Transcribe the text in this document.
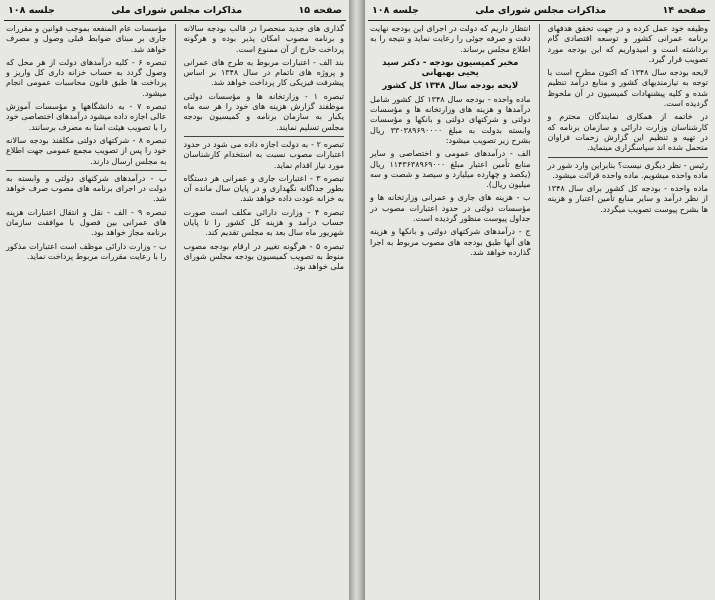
صفحه ۱۵
مذاکرات مجلس شورای ملی
جلسه ۱۰۸

گذاری های جدید منحصراً در قالب بودجه سالانه و برنامه مصوب امکان پذیر بوده و هرگونه پرداخت خارج از آن ممنوع است.

بند الف - اعتبارات مربوط به طرح های عمرانی و پروژه های ناتمام در سال ۱۳۴۸ بر اساس پیشرفت فیزیکی کار پرداخت خواهد شد.

تبصره ۱ - وزارتخانه ها و مؤسسات دولتی موظفند گزارش هزینه های خود را هر سه ماه یکبار به سازمان برنامه و کمیسیون بودجه مجلس تسلیم نمایند.

تبصره ۲ - به دولت اجازه داده می شود در حدود اعتبارات مصوب نسبت به استخدام کارشناسان مورد نیاز اقدام نماید.

تبصره ۳ - اعتبارات جاری و عمرانی هر دستگاه بطور جداگانه نگهداری و در پایان سال مانده آن به خزانه عودت داده خواهد شد.

تبصره ۴ - وزارت دارائی مکلف است صورت حساب درآمد و هزینه کل کشور را تا پایان شهریور ماه سال بعد به مجلس تقدیم کند.

تبصره ۵ - هرگونه تغییر در ارقام بودجه مصوب منوط به تصویب کمیسیون بودجه مجلس شورای ملی خواهد بود.

مؤسسات عام المنفعه بموجب قوانین و مقررات جاری بر مبنای ضوابط قبلی وصول و مصرف خواهد شد.

تبصره ۶ - کلیه درآمدهای دولت از هر محل که وصول گردد به حساب خزانه داری کل واریز و پرداخت ها طبق قانون محاسبات عمومی انجام میشود.

تبصره ۷ - به دانشگاهها و مؤسسات آموزش عالی اجازه داده میشود درآمدهای اختصاصی خود را با تصویب هیئت امنا به مصرف برسانند.

تبصره ۸ - شرکتهای دولتی مکلفند بودجه سالانه خود را پس از تصویب مجمع عمومی جهت اطلاع به مجلس ارسال دارند.

ب - درآمدهای شرکتهای دولتی و وابسته به دولت در اجرای برنامه های مصوب صرف خواهد شد.

تبصره ۹ - الف - نقل و انتقال اعتبارات هزینه های عمرانی بین فصول با موافقت سازمان برنامه مجاز خواهد بود.

ب - وزارت دارائی موظف است اعتبارات مذکور را با رعایت مقررات مربوط پرداخت نماید.

صفحه ۱۴
مذاکرات مجلس شورای ملی
جلسه ۱۰۸

وظیفه خود عمل کرده و در جهت تحقق هدفهای برنامه عمرانی کشور و توسعه اقتصادی گام برداشته است و امیدواریم که این بودجه مورد تصویب قرار گیرد.

لایحه بودجه سال ۱۳۴۸ که اکنون مطرح است با توجه به نیازمندیهای کشور و منابع درآمد تنظیم شده و کلیه پیشنهادات کمیسیون در آن ملحوظ گردیده است.

در خاتمه از همکاری نمایندگان محترم و کارشناسان وزارت دارائی و سازمان برنامه که در تهیه و تنظیم این گزارش زحمات فراوان متحمل شده اند سپاسگزاری مینماید.

رئیس - نظر دیگری نیست؟ بنابراین وارد شور در ماده واحده میشویم. ماده واحده قرائت میشود.

ماده واحده - بودجه کل کشور برای سال ۱۳۴۸ از نظر درآمد و سایر منابع تأمین اعتبار و هزینه ها بشرح پیوست تصویب میگردد.

انتظار داریم که دولت در اجرای این بودجه نهایت دقت و صرفه جوئی را رعایت نماید و نتیجه را به اطلاع مجلس برساند.

مخبر کمیسیون بودجه - دکتر سید یحیی بهبهانی

لایحه بودجه سال ۱۳۴۸ کل کشور

ماده واحده - بودجه سال ۱۳۴۸ کل کشور شامل درآمدها و هزینه های وزارتخانه ها و مؤسسات دولتی و شرکتهای دولتی و بانکها و مؤسسات وابسته بدولت به مبلغ ۳۳۰۳۸۹۶۹۰۰۰۰ ریال بشرح زیر تصویب میشود:

الف - درآمدهای عمومی و اختصاصی و سایر منابع تأمین اعتبار مبلغ ۱۱۴۳۶۳۸۹۶۹۰۰۰ ریال (یکصد و چهارده میلیارد و سیصد و شصت و سه میلیون ریال).

ب - هزینه های جاری و عمرانی وزارتخانه ها و مؤسسات دولتی در حدود اعتبارات مصوب در جداول پیوست منظور گردیده است.

ج - درآمدهای شرکتهای دولتی و بانکها و هزینه های آنها طبق بودجه های مصوب مربوط به اجرا گذارده خواهد شد.
